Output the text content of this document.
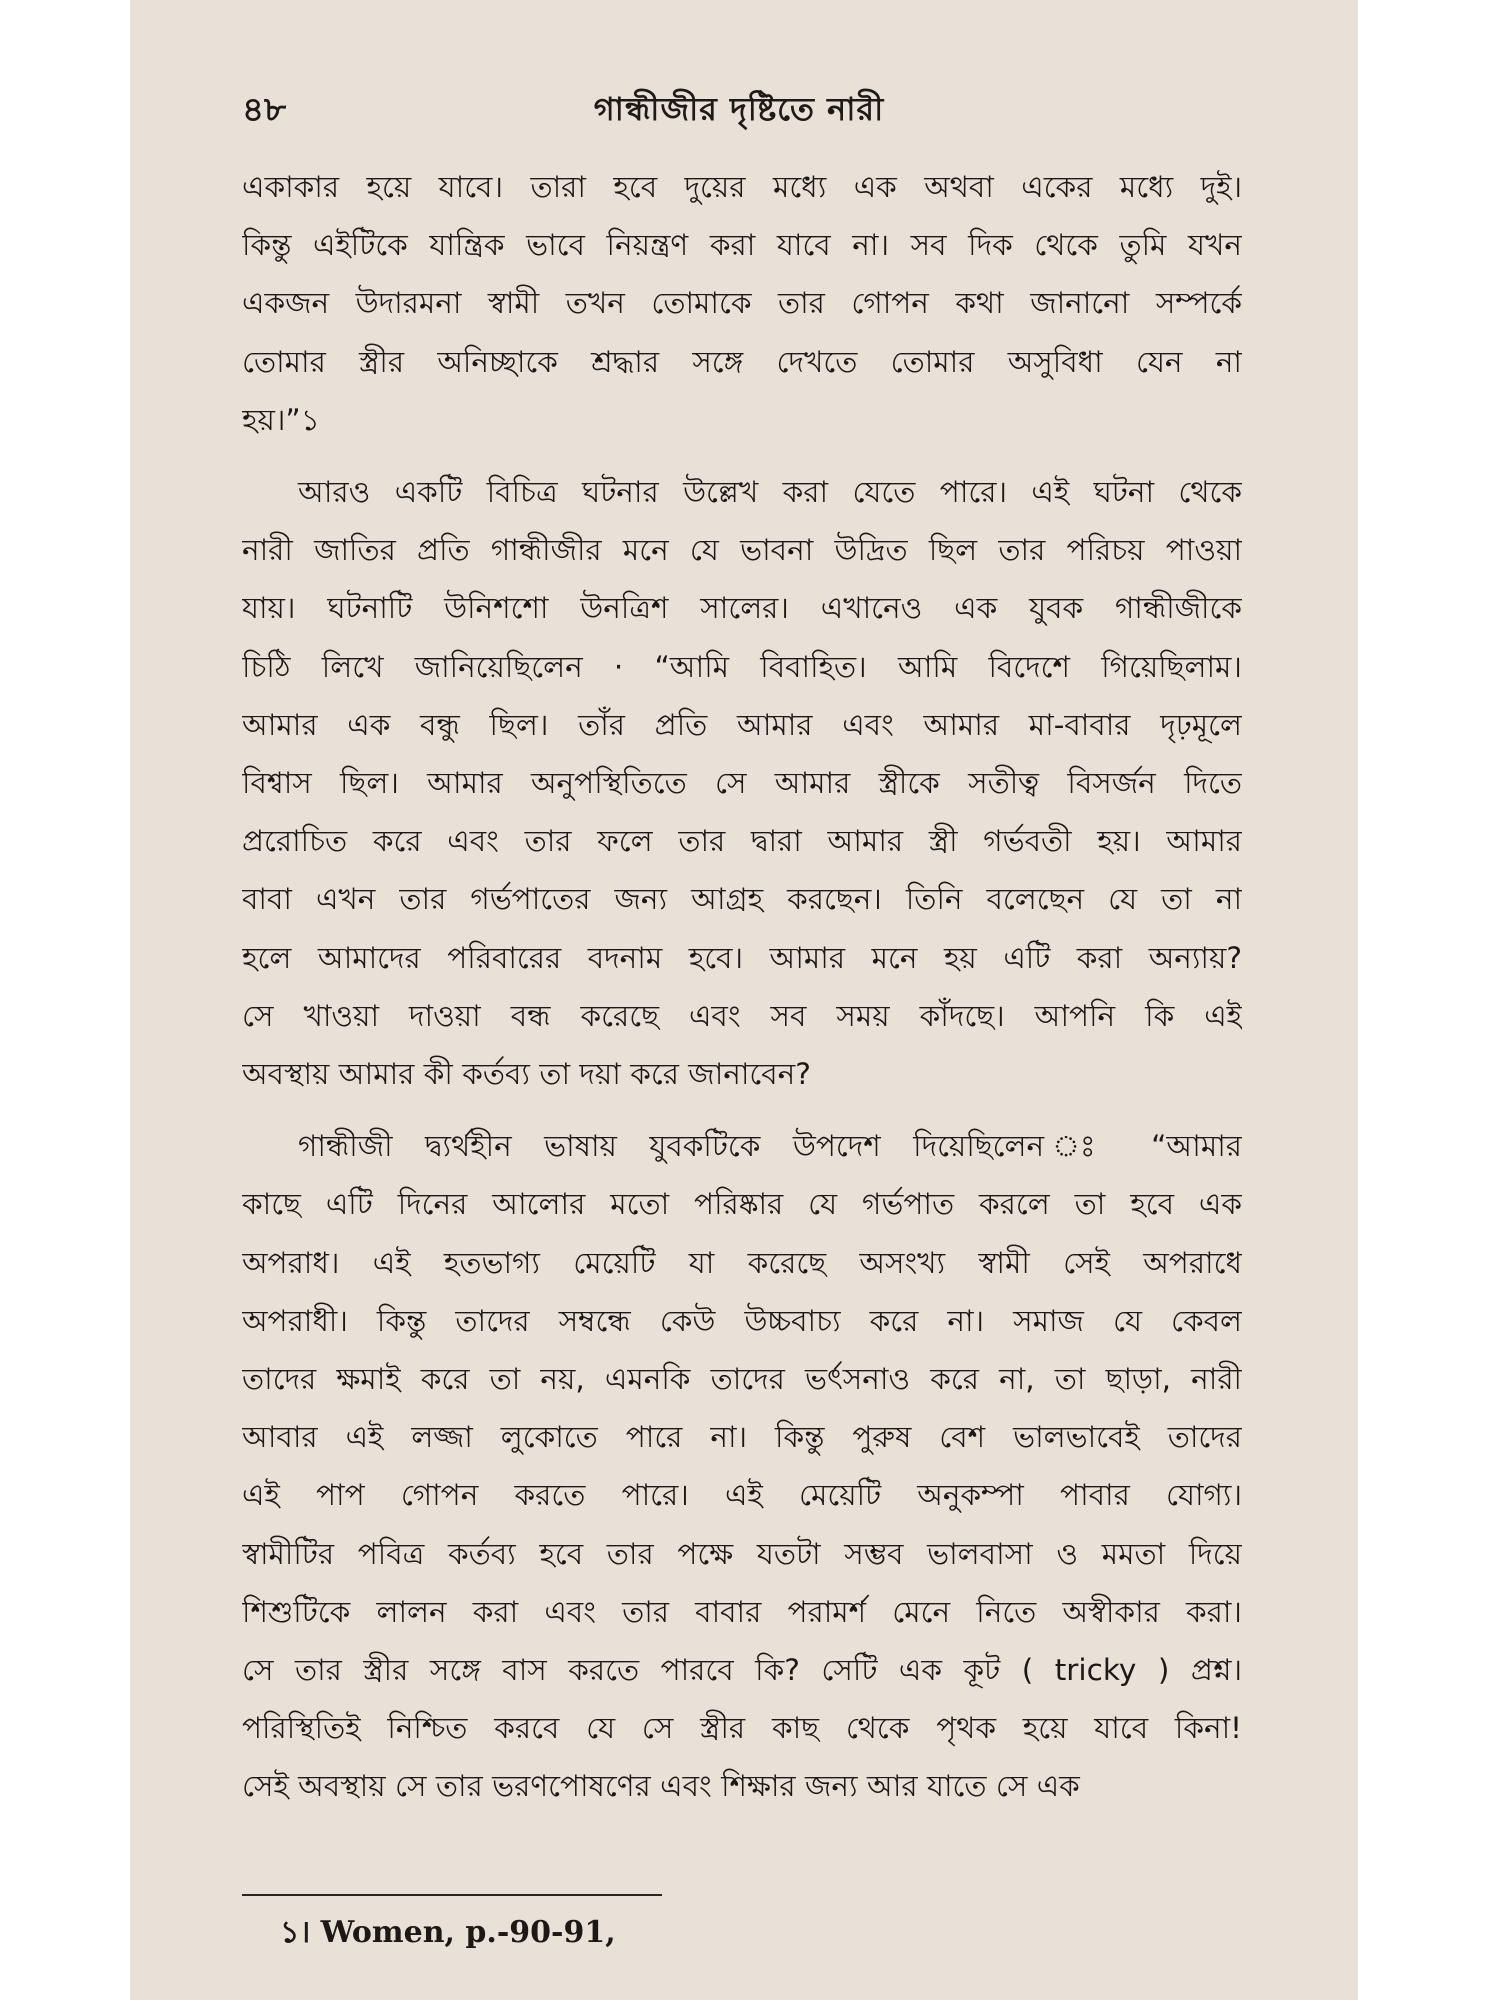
৪৮	গান্ধীজীর দৃষ্টিতে নারী
একাকার হয়ে যাবে। তারা হবে দুয়ের মধ্যে এক অথবা একের মধ্যে দুই।
কিন্তু এইটিকে যান্ত্রিক ভাবে নিয়ন্ত্রণ করা যাবে না। সব দিক থেকে তুমি যখন
একজন উদারমনা স্বামী তখন তোমাকে তার গোপন কথা জানানো সম্পর্কে
তোমার স্ত্রীর অনিচ্ছাকে শ্রদ্ধার সঙ্গে দেখতে তোমার অসুবিধা যেন না
হয়।”১
আরও একটি বিচিত্র ঘটনার উল্লেখ করা যেতে পারে। এই ঘটনা থেকে
নারী জাতির প্রতি গান্ধীজীর মনে যে ভাবনা উদ্রিত ছিল তার পরিচয় পাওয়া
যায়। ঘটনাটি উনিশশো উনত্রিশ সালের। এখানেও এক যুবক গান্ধীজীকে
চিঠি লিখে জানিয়েছিলেন · “আমি বিবাহিত। আমি বিদেশে গিয়েছিলাম।
আমার এক বন্ধু ছিল। তাঁর প্রতি আমার এবং আমার মা-বাবার দৃঢ়মূলে
বিশ্বাস ছিল। আমার অনুপস্থিতিতে সে আমার স্ত্রীকে সতীত্ব বিসর্জন দিতে
প্ররোচিত করে এবং তার ফলে তার দ্বারা আমার স্ত্রী গর্ভবতী হয়। আমার
বাবা এখন তার গর্ভপাতের জন্য আগ্রহ করছেন। তিনি বলেছেন যে তা না
হলে আমাদের পরিবারের বদনাম হবে। আমার মনে হয় এটি করা অন্যায়?
সে খাওয়া দাওয়া বন্ধ করেছে এবং সব সময় কাঁদছে। আপনি কি এই
অবস্থায় আমার কী কর্তব্য তা দয়া করে জানাবেন?
গান্ধীজী দ্ব্যর্থহীন ভাষায় যুবকটিকে উপদেশ দিয়েছিলেন ঃ “আমার
কাছে এটি দিনের আলোর মতো পরিষ্কার যে গর্ভপাত করলে তা হবে এক
অপরাধ। এই হতভাগ্য মেয়েটি যা করেছে অসংখ্য স্বামী সেই অপরাধে
অপরাধী। কিন্তু তাদের সম্বন্ধে কেউ উচ্চবাচ্য করে না। সমাজ যে কেবল
তাদের ক্ষমাই করে তা নয়, এমনকি তাদের ভর্ৎসনাও করে না, তা ছাড়া, নারী
আবার এই লজ্জা লুকোতে পারে না। কিন্তু পুরুষ বেশ ভালভাবেই তাদের
এই পাপ গোপন করতে পারে। এই মেয়েটি অনুকম্পা পাবার যোগ্য।
স্বামীটির পবিত্র কর্তব্য হবে তার পক্ষে যতটা সম্ভব ভালবাসা ও মমতা দিয়ে
শিশুটিকে লালন করা এবং তার বাবার পরামর্শ মেনে নিতে অস্বীকার করা।
সে তার স্ত্রীর সঙ্গে বাস করতে পারবে কি? সেটি এক কূট ( tricky ) প্রশ্ন।
পরিস্থিতিই নিশ্চিত করবে যে সে স্ত্রীর কাছ থেকে পৃথক হয়ে যাবে কিনা!
সেই অবস্থায় সে তার ভরণপোষণের এবং শিক্ষার জন্য আর যাতে সে এক
১। Women, p.-90-91,
